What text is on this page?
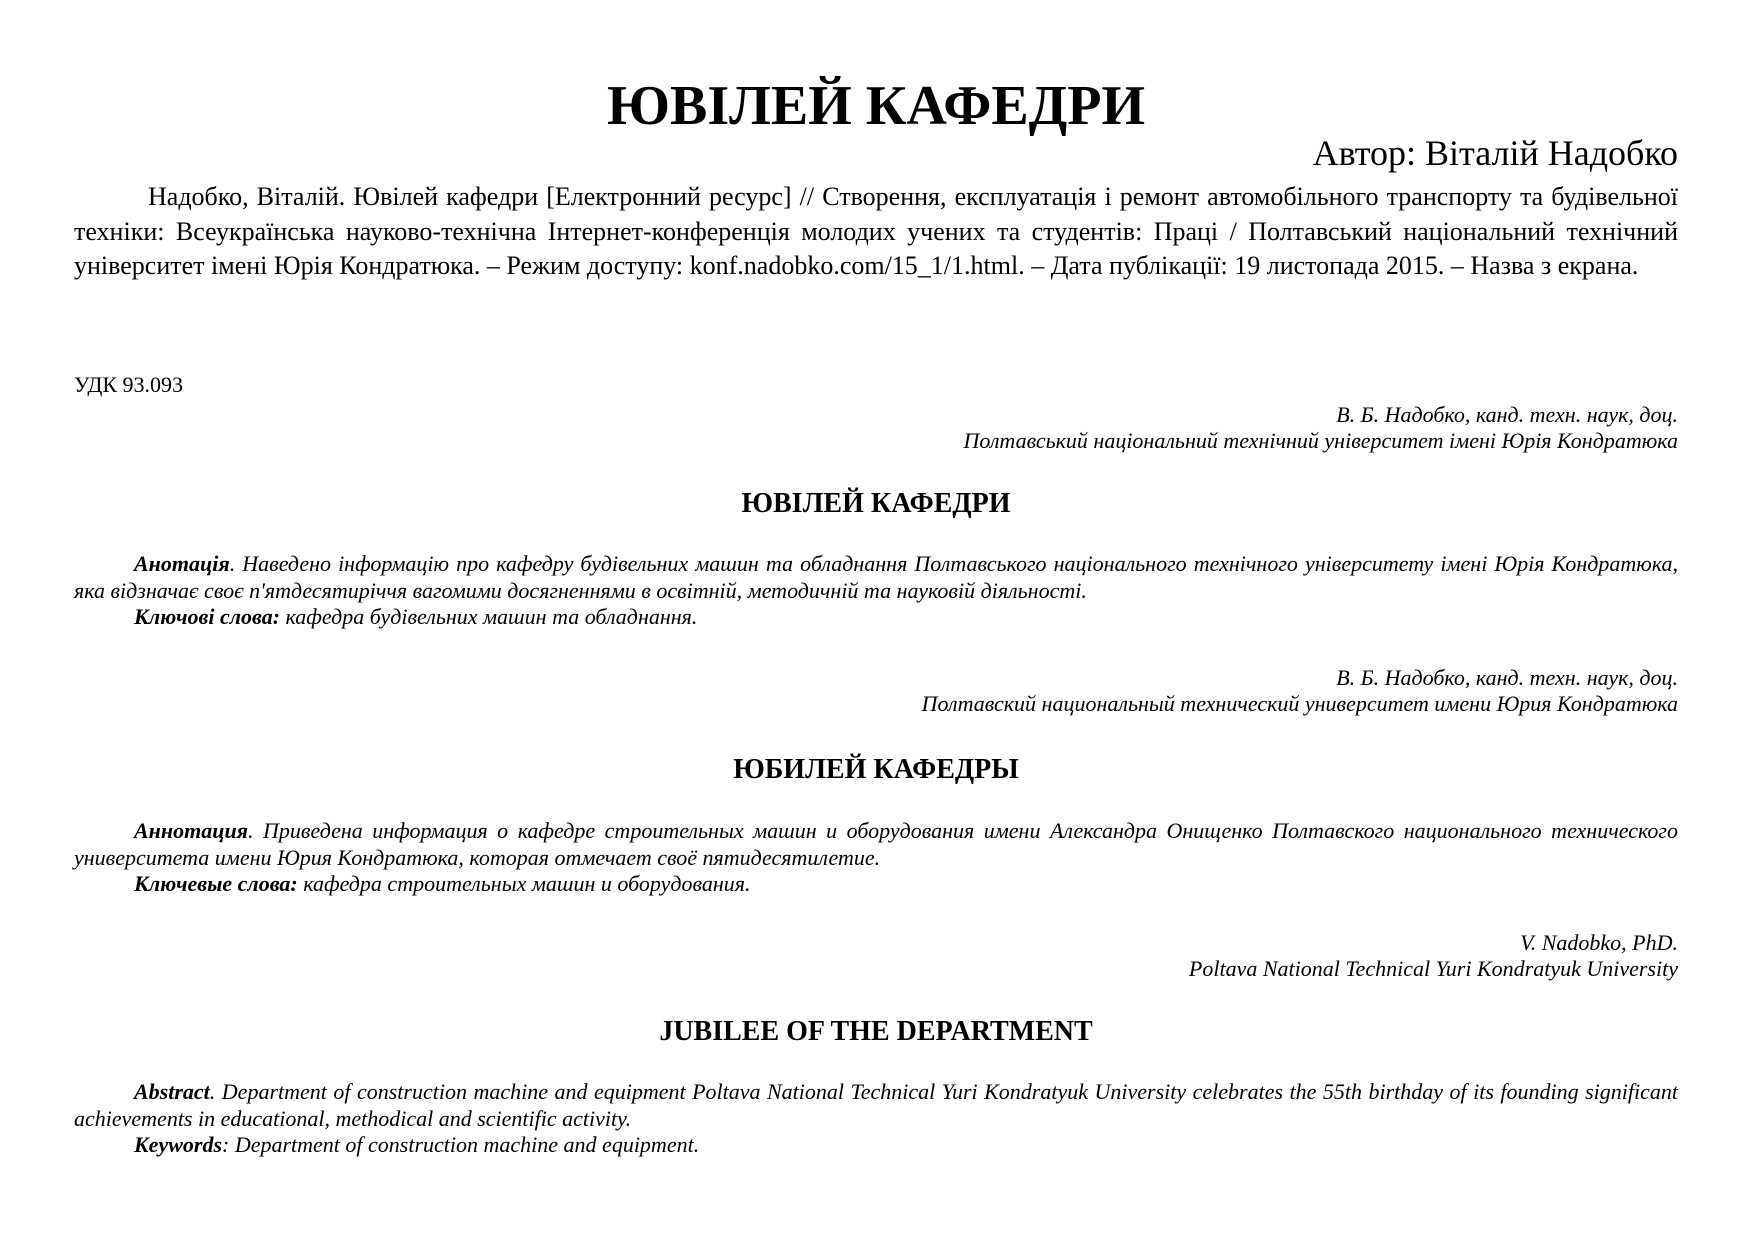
ЮВІЛЕЙ КАФЕДРИ
Автор: Віталій Надобко
Надобко, Віталій. Ювілей кафедри [Електронний ресурс] // Створення, експлуатація і ремонт автомобільного транспорту та будівельної техніки: Всеукраїнська науково-технічна Інтернет-конференція молодих учених та студентів: Праці / Полтавський національний технічний університет імені Юрія Кондратюка. – Режим доступу: konf.nadobko.com/15_1/1.html. – Дата публікації: 19 листопада 2015. – Назва з екрана.
УДК 93.093
В. Б. Надобко, канд. техн. наук, доц.
Полтавський національний технічний університет імені Юрія Кондратюка
ЮВІЛЕЙ КАФЕДРИ

Анотація. Наведено інформацію про кафедру будівельних машин та обладнання Полтавського національного технічного університету імені Юрія Кондратюка, яка відзначає своє п'ятдесятиріччя вагомими досягненнями в освітній, методичній та науковій діяльності.

Ключові слова: кафедра будівельних машин та обладнання.

В. Б. Надобко, канд. техн. наук, доц.
Полтавский национальный технический университет имени Юрия Кондратюка
ЮБИЛЕЙ КАФЕДРЫ

Аннотация. Приведена информация о кафедре строительных машин и оборудования имени Александра Онищенко Полтавского национального технического университета имени Юрия Кондратюка, которая отмечает своё пятидесятилетие.

Ключевые слова: кафедра строительных машин и оборудования.

V. Nadobko, PhD.
Poltava National Technical Yuri Kondratyuk University
JUBILEE OF THE DEPARTMENT

Abstract. Department of construction machine and equipment Poltava National Technical Yuri Kondratyuk University celebrates the 55th birthday of its founding significant achievements in educational, methodical and scientific activity.

Keywords: Department of construction machine and equipment.
